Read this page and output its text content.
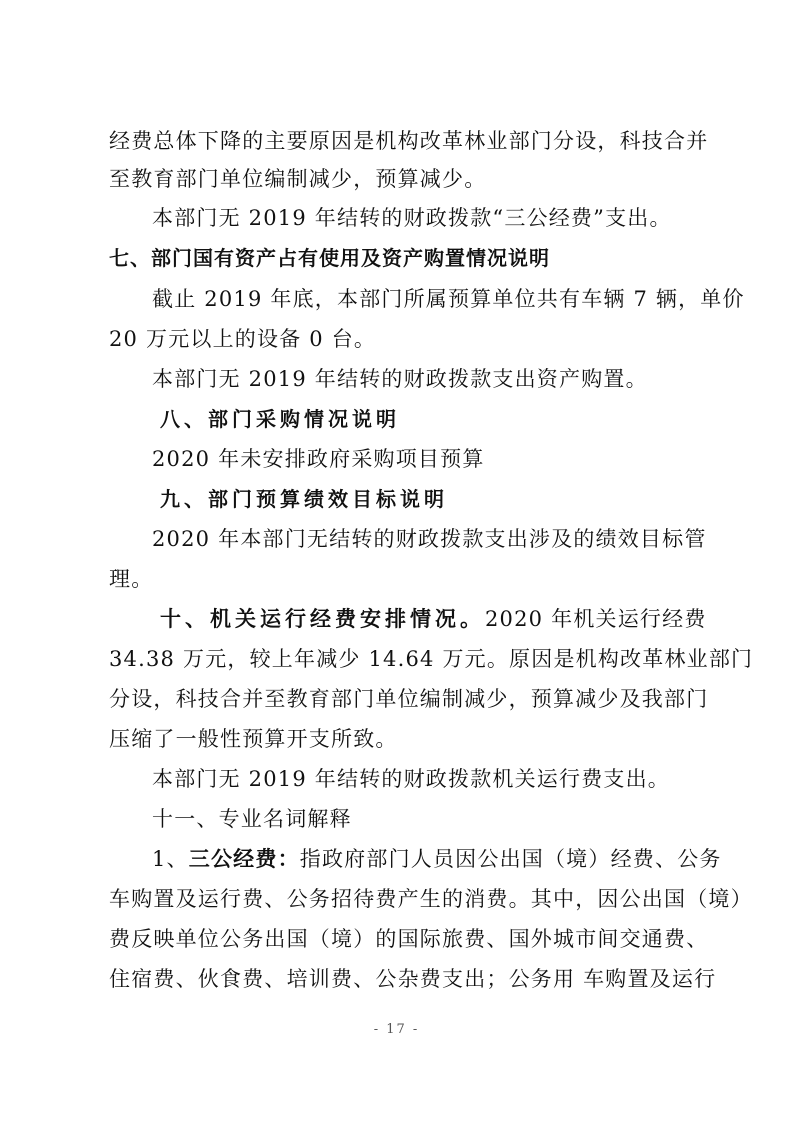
经费总体下降的主要原因是机构改革林业部门分设，科技合并
至教育部门单位编制减少，预算减少。
本部门无 2019 年结转的财政拨款“三公经费”支出。
七、部门国有资产占有使用及资产购置情况说明
截止 2019 年底，本部门所属预算单位共有车辆 7 辆，单价
20 万元以上的设备 0 台。
本部门无 2019 年结转的财政拨款支出资产购置。
八、部门采购情况说明
2020 年未安排政府采购项目预算
九、部门预算绩效目标说明
2020 年本部门无结转的财政拨款支出涉及的绩效目标管
理。
十、机关运行经费安排情况。2020 年机关运行经费
34.38 万元，较上年减少 14.64 万元。原因是机构改革林业部门
分设，科技合并至教育部门单位编制减少，预算减少及我部门
压缩了一般性预算开支所致。
本部门无 2019 年结转的财政拨款机关运行费支出。
十一、专业名词解释
1、三公经费：指政府部门人员因公出国（境）经费、公务
车购置及运行费、公务招待费产生的消费。其中，因公出国（境）
费反映单位公务出国（境）的国际旅费、国外城市间交通费、
住宿费、伙食费、培训费、公杂费支出；公务用 车购置及运行
- 17 -
